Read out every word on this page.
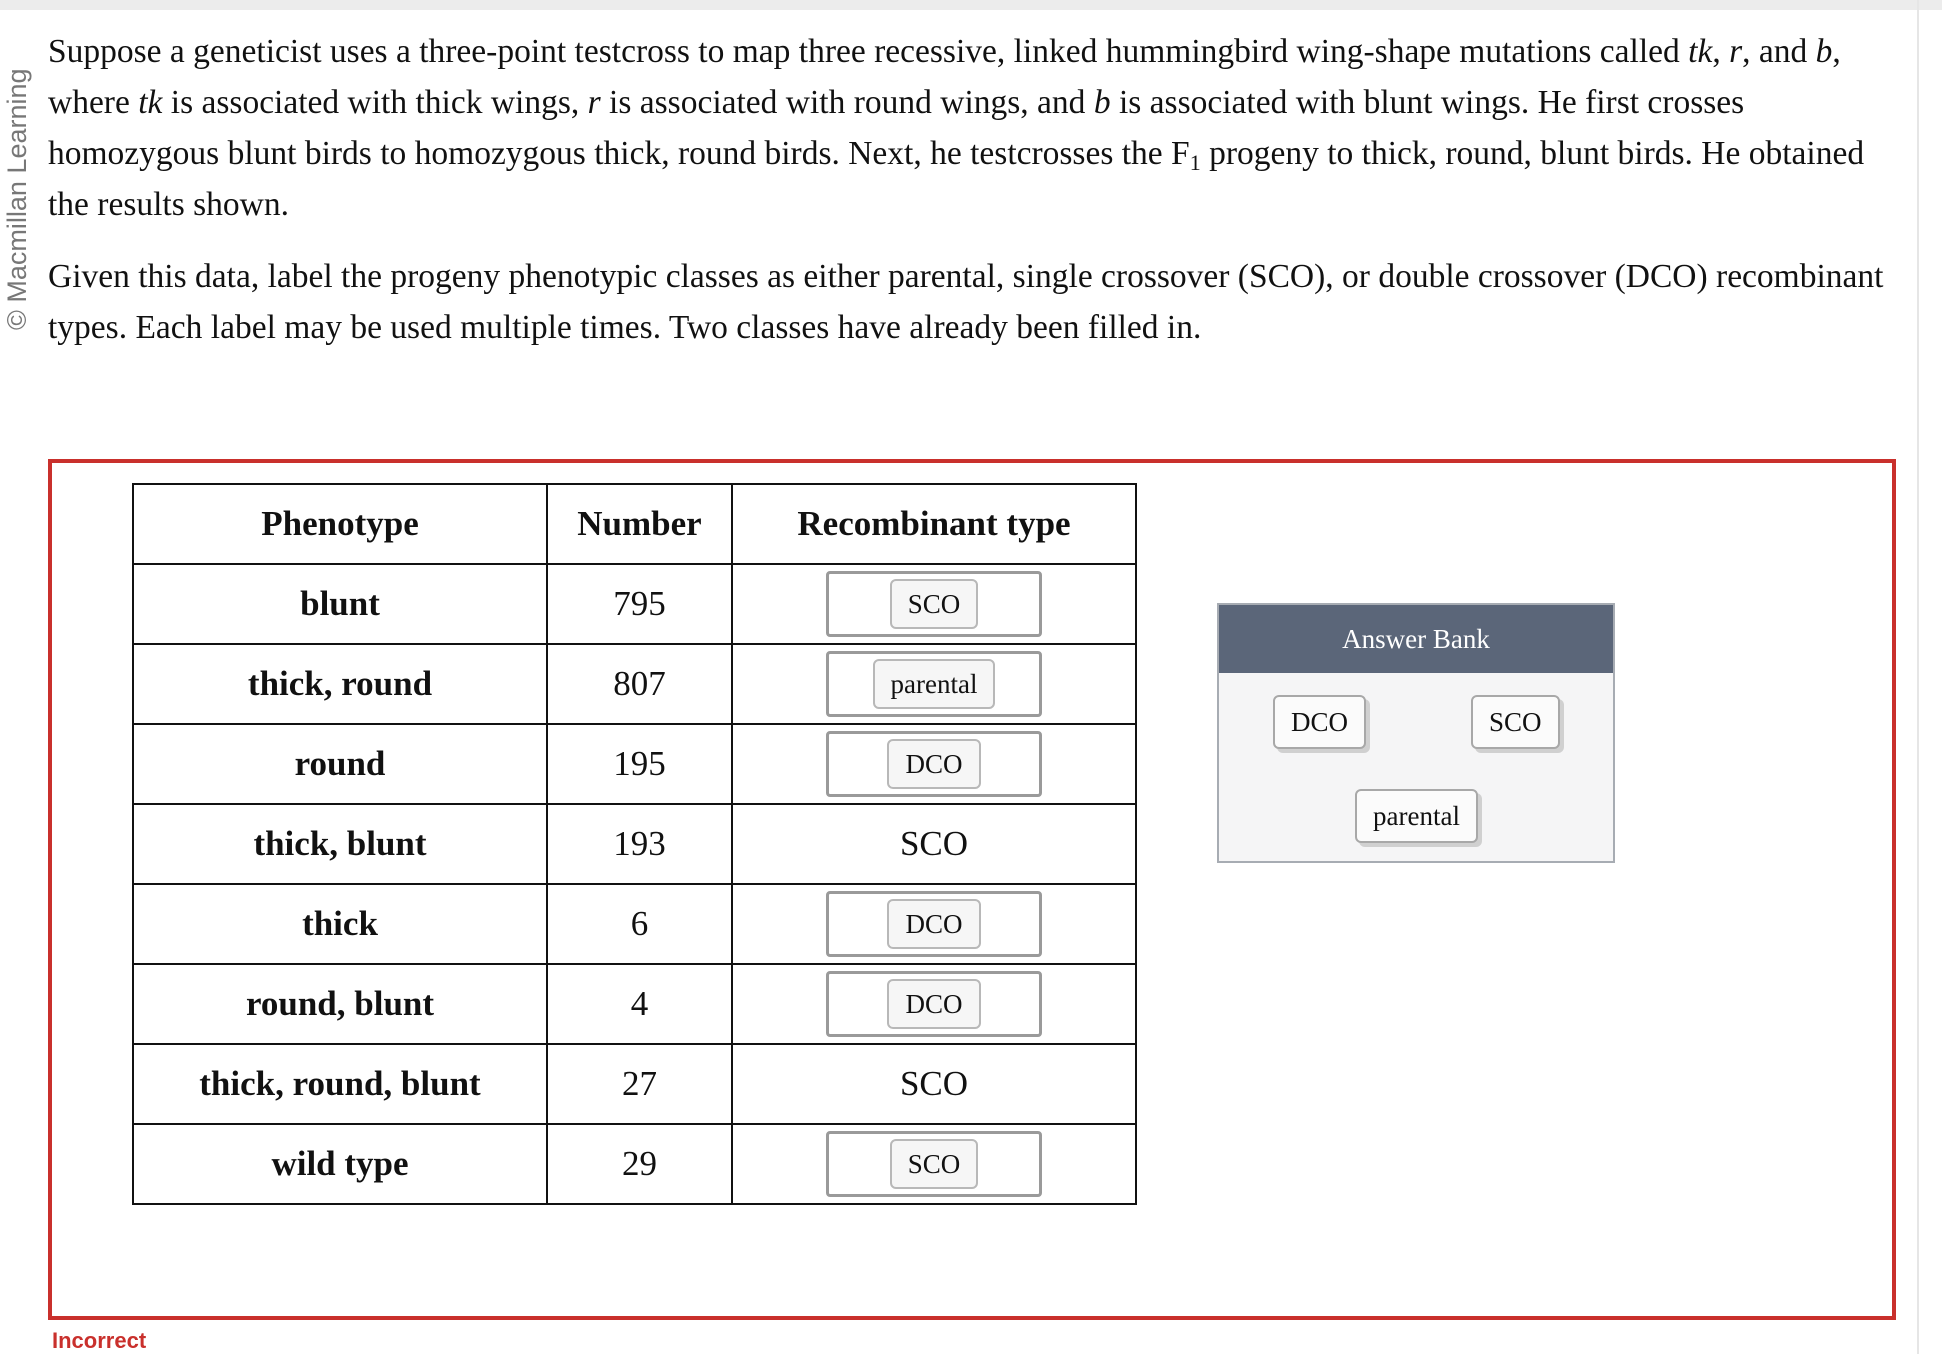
© Macmillan Learning

Suppose a geneticist uses a three-point testcross to map three recessive, linked hummingbird wing-shape mutations called tk, r, and b, where tk is associated with thick wings, r is associated with round wings, and b is associated with blunt wings. He first crosses homozygous blunt birds to homozygous thick, round birds. Next, he testcrosses the $F_1$ progeny to thick, round, blunt birds. He obtained the results shown.

Given this data, label the progeny phenotypic classes as either parental, single crossover (SCO), or double crossover (DCO) recombinant types. Each label may be used multiple times. Two classes have already been filled in.

Phenotype	Number	Recombinant type
blunt	795	SCO

thick, round	807	parental

round	195	DCO

thick, blunt	193	SCO
thick	6	DCO

round, blunt	4	DCO

thick, round, blunt	27	SCO
wild type	29	SCO
Answer Bank
DCO	SCO
parental
Incorrect
